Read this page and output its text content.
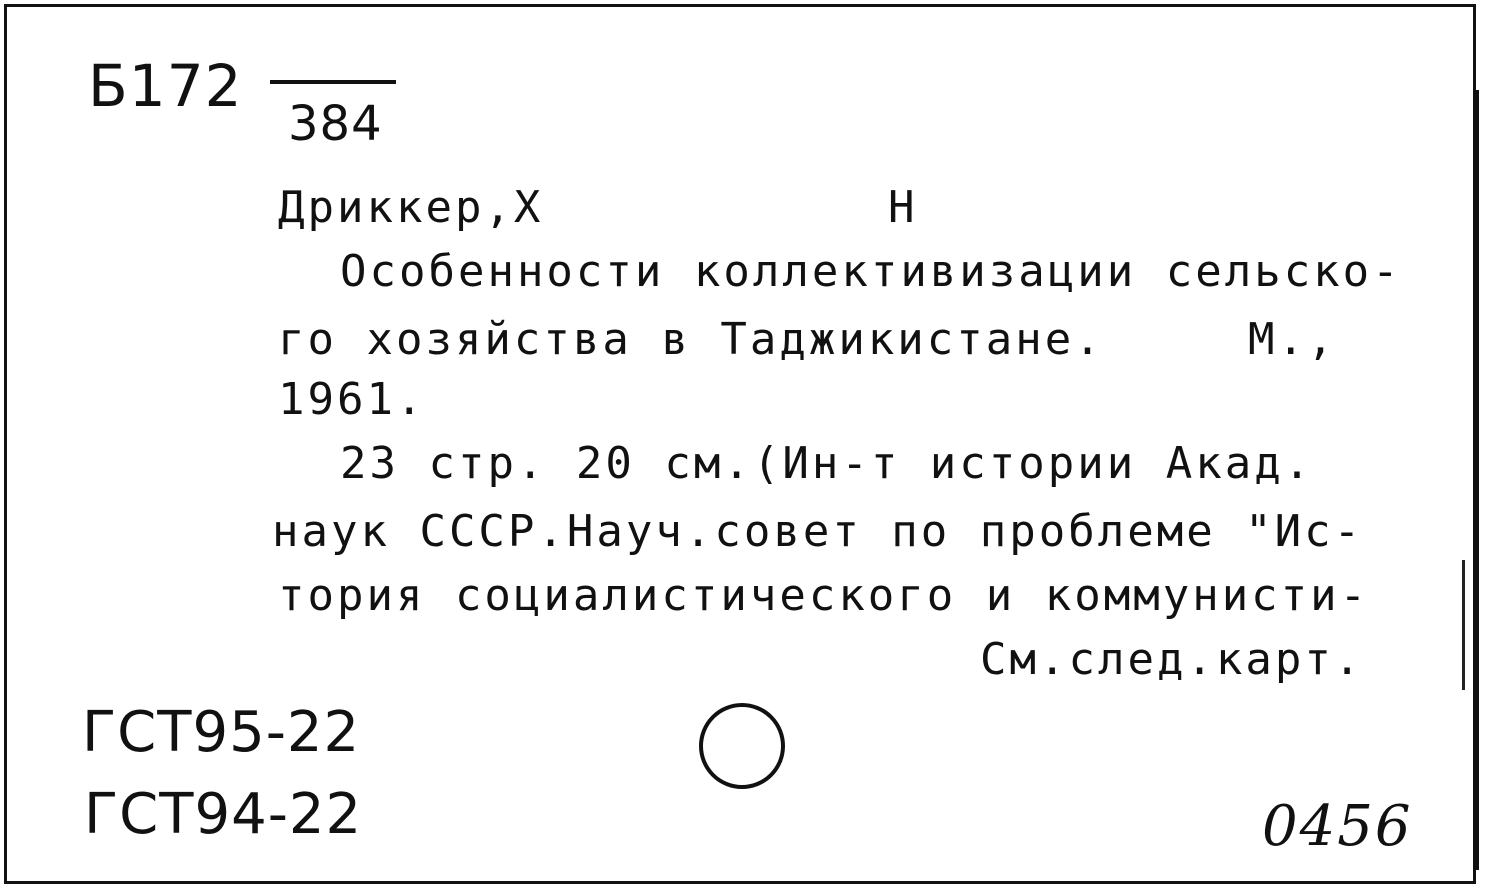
Б172
384
Дриккер,Х	Н
Особенности коллективизации сельско-
го хозяйства в Таджикистане.	М.,
1961.
23 стр. 20 см.(Ин-т истории Акад.
наук СССР.Науч.совет по проблеме "Ис-
тория социалистического и коммунисти-
См.след.карт.
ГСТ95-22
ГСТ94-22	0456
